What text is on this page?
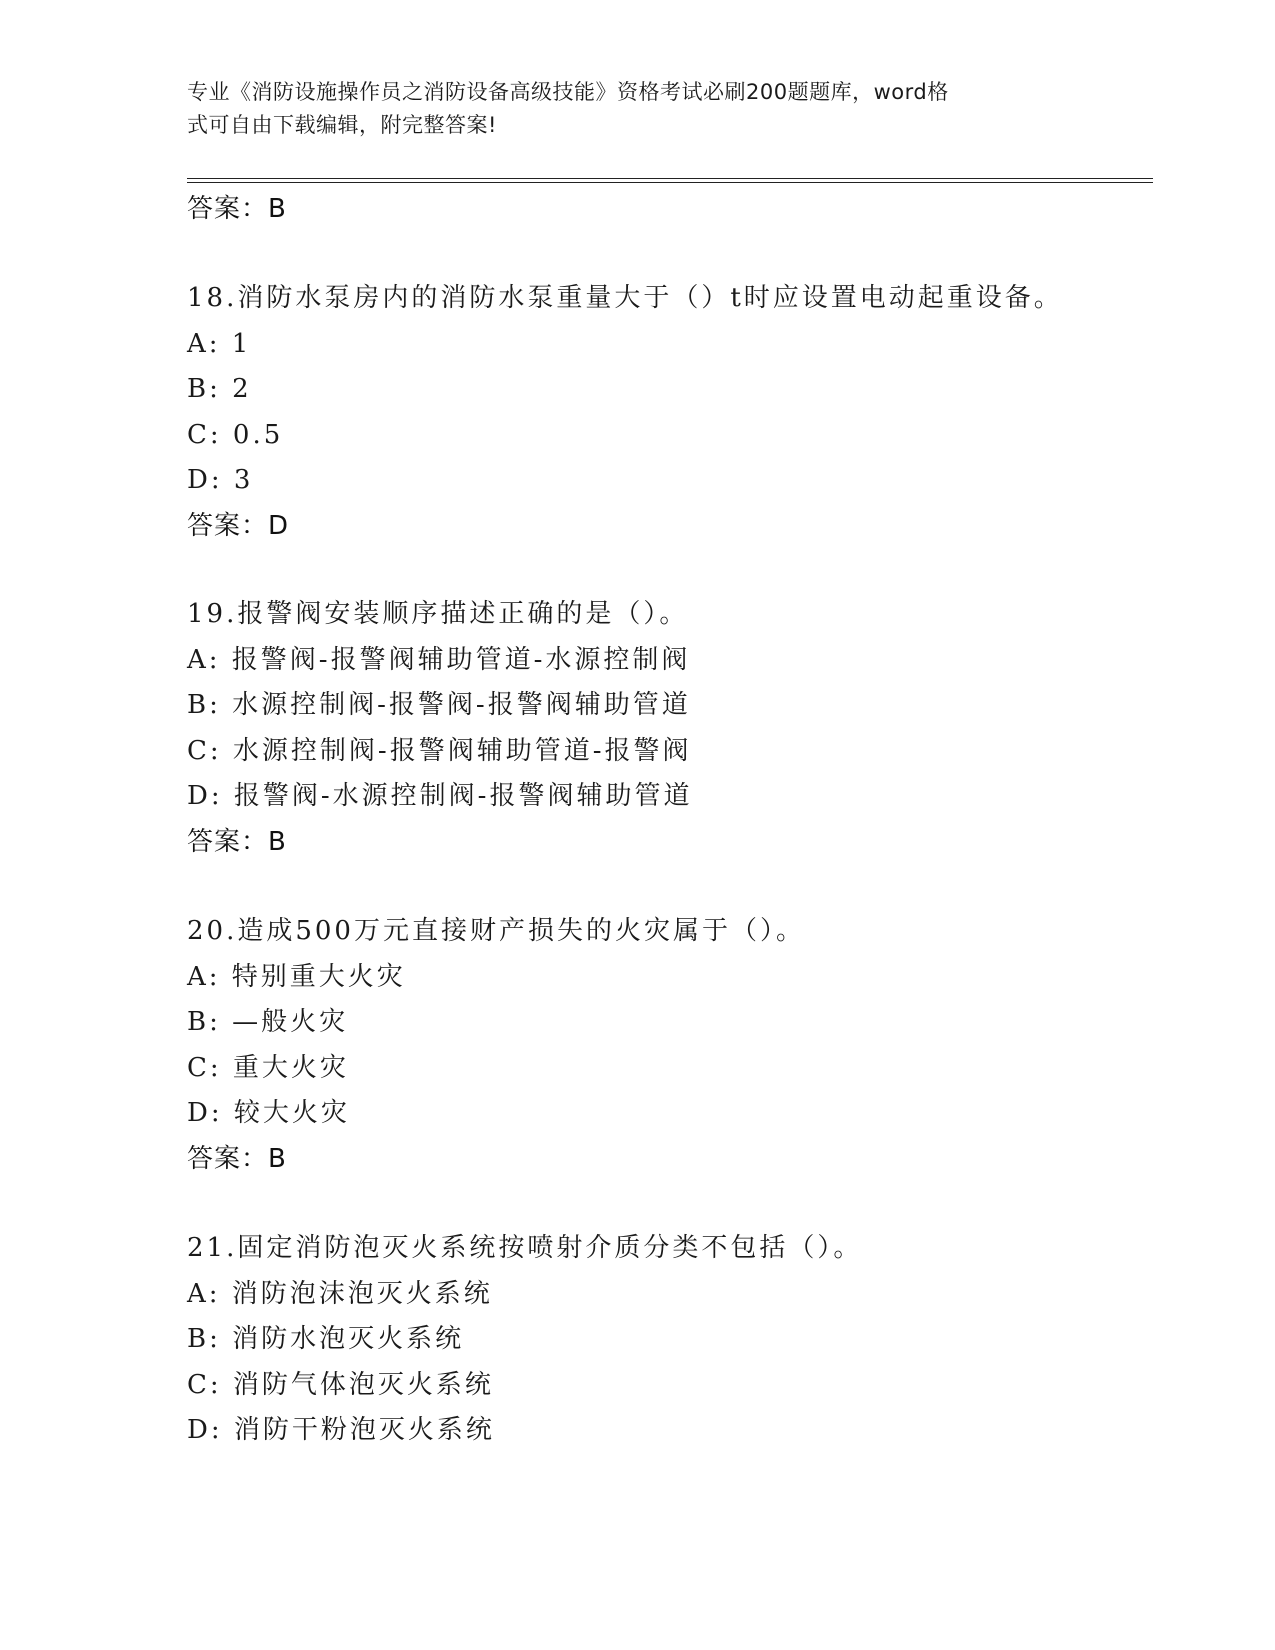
专业《消防设施操作员之消防设备高级技能》资格考试必刷200题题库，word格
式可自由下载编辑，附完整答案!
答案：B
18.消防水泵房内的消防水泵重量大于（）t时应设置电动起重设备。
A: 1
B: 2
C: 0.5
D: 3
答案：D
19.报警阀安装顺序描述正确的是（）。
A: 报警阀-报警阀辅助管道-水源控制阀
B: 水源控制阀-报警阀-报警阀辅助管道
C: 水源控制阀-报警阀辅助管道-报警阀
D: 报警阀-水源控制阀-报警阀辅助管道
答案：B
20.造成500万元直接财产损失的火灾属于（）。
A: 特别重大火灾
B: —般火灾
C: 重大火灾
D: 较大火灾
答案：B
21.固定消防泡灭火系统按喷射介质分类不包括（）。
A: 消防泡沫泡灭火系统
B: 消防水泡灭火系统
C: 消防气体泡灭火系统
D: 消防干粉泡灭火系统
